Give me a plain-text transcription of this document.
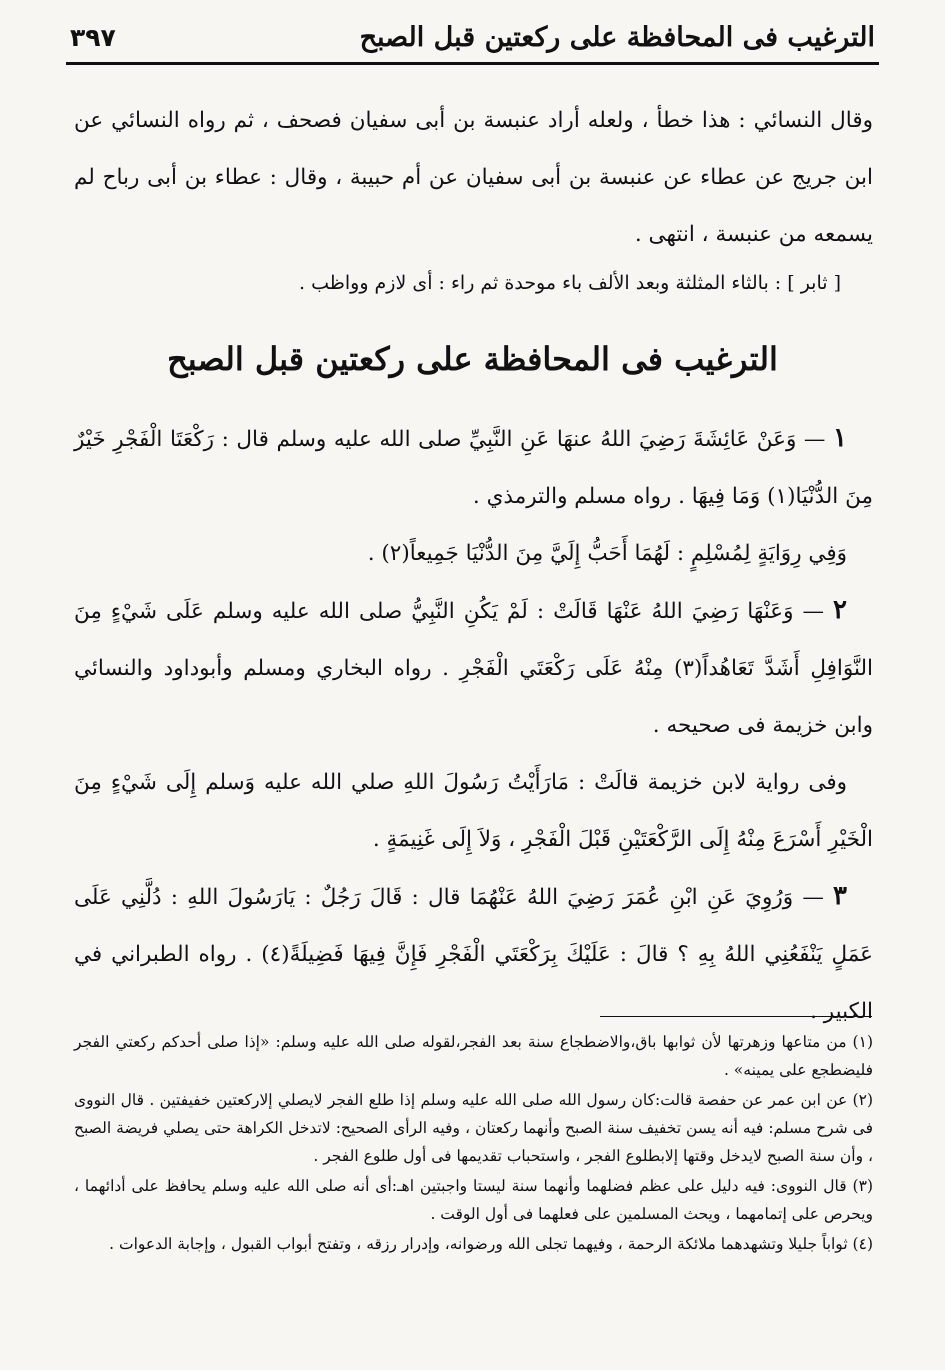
الترغيب فى المحافظة على ركعتين قبل الصبح
٣٩٧

وقال النسائي : هذا خطأ ، ولعله أراد عنبسة بن أبى سفيان فصحف ، ثم رواه النسائي عن ابن جريج عن عطاء عن عنبسة بن أبى سفيان عن أم حبيبة ، وقال : عطاء بن أبى رباح لم يسمعه من عنبسة ، انتهى .

[ ثابر ] : بالثاء المثلثة وبعد الألف باء موحدة ثم راء : أى لازم وواظب .

الترغيب فى المحافظة على ركعتين قبل الصبح

١ — وَعَنْ عَائِشَةَ رَضِيَ اللهُ عنهَا عَنِ النَّبِيِّ صلى الله عليه وسلم قال : رَكْعَتَا الْفَجْرِ خَيْرٌ مِنَ الدُّنْيَا(١) وَمَا فِيهَا . رواه مسلم والترمذي .

وَفِي رِوَايَةٍ لِمُسْلِمٍ : لَهُمَا أَحَبُّ إِلَيَّ مِنَ الدُّنْيَا جَمِيعاً(٢) .

٢ — وَعَنْهَا رَضِيَ اللهُ عَنْهَا قَالَتْ : لَمْ يَكُنِ النَّبِيُّ صلى الله عليه وسلم عَلَى شَيْءٍ مِنَ النَّوَافِلِ أَشَدَّ تَعَاهُداً(٣) مِنْهُ عَلَى رَكْعَتَي الْفَجْرِ . رواه البخاري ومسلم وأبوداود والنسائي وابن خزيمة فى صحيحه .

وفى رواية لابن خزيمة قالَتْ : مَارَأَيْتُ رَسُولَ اللهِ صلي الله عليه وَسلم إِلَى شَيْءٍ مِنَ الْخَيْرِ أَسْرَعَ مِنْهُ إِلَى الرَّكْعَتَيْنِ قَبْلَ الْفَجْرِ ، وَلاَ إِلَى غَنِيمَةٍ .

٣ — وَرُوِيَ عَنِ ابْنِ عُمَرَ رَضِيَ اللهُ عَنْهُمَا قال : قَالَ رَجُلٌ : يَارَسُولَ اللهِ : دُلَّنِي عَلَى عَمَلٍ يَنْفَعُنِي اللهُ بِهِ ؟ قالَ : عَلَيْكَ بِرَكْعَتَي الْفَجْرِ فَإِنَّ فِيهَا فَضِيلَةً(٤) . رواه الطبراني في الكبير .

(١) من متاعها وزهرتها لأن ثوابها باق،والاضطجاع سنة بعد الفجر،لقوله صلى الله عليه وسلم: «إذا صلى أحدكم ركعتي الفجر فليضطجع على يمينه» .

(٢) عن ابن عمر عن حفصة قالت:كان رسول الله صلى الله عليه وسلم إذا طلع الفجر لايصلي إلاركعتين خفيفتين . قال النووى فى شرح مسلم: فيه أنه يسن تخفيف سنة الصبح وأنهما ركعتان ، وفيه الرأى الصحيح: لاتدخل الكراهة حتى يصلي فريضة الصبح ، وأن سنة الصبح لايدخل وقتها إلابطلوع الفجر ، واستحباب تقديمها فى أول طلوع الفجر .

(٣) قال النووى: فيه دليل على عظم فضلهما وأنهما سنة ليستا واجبتين اهـ:أى أنه صلى الله عليه وسلم يحافظ على أدائهما ، ويحرص على إتمامهما ، ويحث المسلمين على فعلهما فى أول الوقت .

(٤) ثواباً جليلا وتشهدهما ملائكة الرحمة ، وفيهما تجلى الله ورضوانه، وإدرار رزقه ، وتفتح أبواب القبول ، وإجابة الدعوات .
